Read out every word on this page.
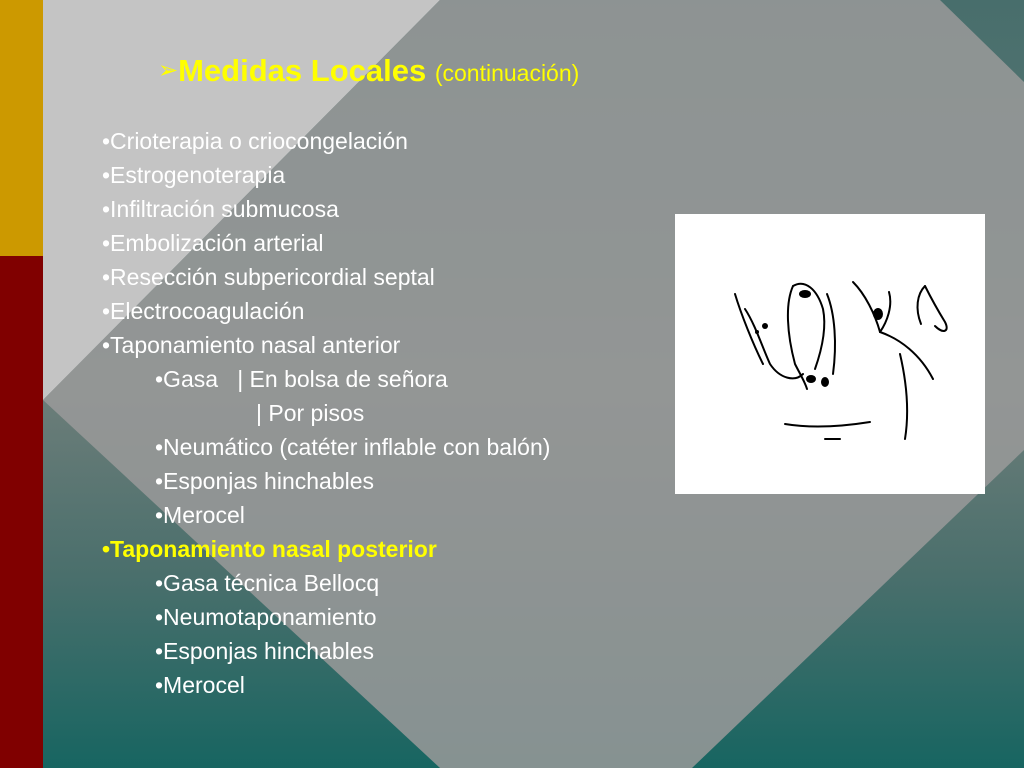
➢Medidas Locales (continuación)
•Crioterapia o criocongelación
•Estrogenoterapia
•Infiltración submucosa
•Embolización arterial
•Resección subpericordial septal
•Electrocoagulación
•Taponamiento nasal anterior
•Gasa   | En bolsa de señora
| Por pisos
•Neumático (catéter inflable con balón)
•Esponjas hinchables
•Merocel
•Taponamiento nasal posterior
•Gasa técnica Bellocq
•Neumotaponamiento
•Esponjas hinchables
•Merocel
